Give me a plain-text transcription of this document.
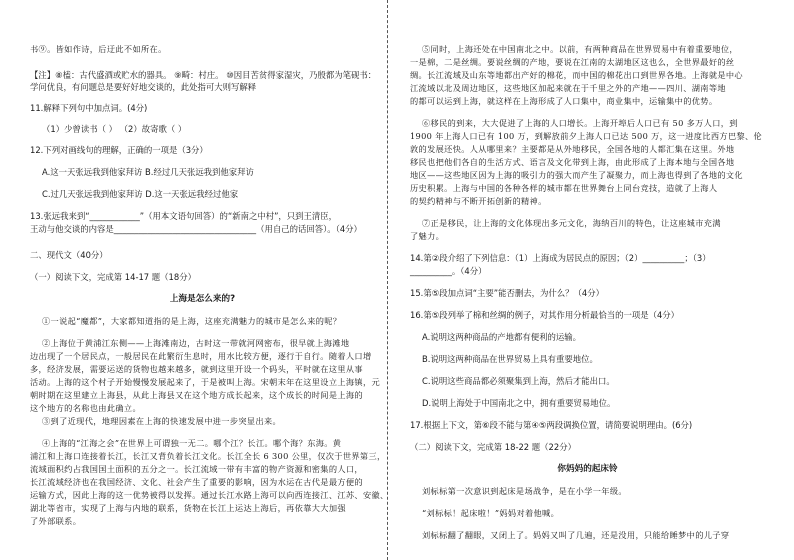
书⑨。皆如作诗，后迂此不如所在。
【注】⑧榼：古代盛酒或贮水的器具。 ⑨畸：村庄。 ⑩因目苦贫得家湿灾，乃殷都为笔砚书：
学问优良，有问题总是要好好地交谈的，此处指可大则写解释
11.解释下列句中加点词。(4分)
（1）少曾读书（ ） （2）故寄歌（ ）
12.下列对画线句的理解，正确的一项是（3分）
A.这一天张远我到他家拜访 B.经过几天张远我到他家拜访
C.过几天张远我到他家拜访 D.这一天张远我经过他家
13.张远我来到“____________”（用本文语句回答）的“新南之中村”，只到王清臣，
王动与他交谈的内容是__________________________________（用自己的话回答）。（4分）
二、现代文（40分）
（一）阅读下文，完成第 14-17 题（18分）
上海是怎么来的?
①一说起“魔都”，大家都知道指的是上海，这座充满魅力的城市是怎么来的呢？
②上海位于黄浦江东侧——上海滩南边，古时这一带就河网密布，很早就上海滩地
边出现了一个居民点，一般居民在此繁衍生息时，用水比较方便，逐行于自行。随着人口增
多，经济发展，需要运送的货物也越来越多，就到这里开设一个码头，平时就在这里从事
活动。上海的这个村子开始慢慢发展起来了，于是被叫上海。宋朝末年在这里设立上海镇，元
朝时期在这里建立上海县，从此上海县又在这个地方成长起来，这个成长的时间是上海的
这个地方的名称也由此确立。
③到了近现代，地理因素在上海的快速发展中进一步突显出来。
④上海的“江海之会”在世界上可谓独一无二。哪个江？长江。哪个海？东海。黄
浦江和上海口连接着长江，长江又背负着长江文化。长江全长 6 300 公里，仅次于世界第三，
流域面积约占我国国土面积的五分之一。长江流域一带有丰富的物产资源和密集的人口，
长江流域经济也在我国经济、文化、社会产生了重要的影响，因为水运在古代是最方便的
运输方式，因此上海的这一优势被得以发挥。通过长江水路上海可以向西连接江、江苏、安徽、
湖北等省市，实现了上海与内地的联系，货物在长江上运达上海后，再依靠大大加强
了外部联系。
⑤同时，上海还处在中国南北之中。以前，有两种商品在世界贸易中有着重要地位，
一是棉，二是丝绸。要说丝绸的产地，要说在江南的太湖地区这也么，全世界最好的丝
绸。长江流域及山东等地都出产好的棉花，而中国的棉花出口到世界各地。上海就是中心
江流域以北及周边地区，这些地区加起来就在于千里之外的产地——四川、湖南等地
的都可以运到上海，就这样在上海形成了人口集中，商业集中，运输集中的优势。
⑥移民的到来，大大促进了上海的人口增长。上海开埠后人口已有 50 多万人口，到
1900 年上海人口已有 100 万，到解放前夕上海人口已达 500 万，这一进度比西方巴黎、伦
敦的发展还快。人从哪里来？主要都是从外地移民，全国各地的人都汇集在这里。外地
移民也把他们各自的生活方式、语言及文化带到上海，由此形成了上海本地与全国各地
地区——这些地区因为上海的吸引力的强大而产生了凝聚力，而上海也得到了各地的文化
历史积累。上海与中国的各种各样的城市都在世界舞台上同台竞技，造就了上海人
的契约精神与不断开拓创新的精神。
⑦正是移民，让上海的文化体现出多元文化，海纳百川的特色，让这座城市充满
了魅力。
14.第②段介绍了下列信息：（1）上海成为居民点的原因；（2）__________；（3）
__________。（4分）
15.第⑤段加点词“主要”能否删去，为什么？（4分）
16.第⑤段列举了棉和丝绸的例子，对其作用分析最恰当的一项是（4分）
A.说明这两种商品的产地都有便利的运输。
B.说明这两种商品在世界贸易上具有重要地位。
C.说明这些商品都必须聚集到上海，然后才能出口。
D.说明上海处于中国南北之中，拥有重要贸易地位。
17.根据上下文，第⑥段不能与第④⑤两段调换位置，请简要说明理由。(6分)
（二）阅读下文，完成第 18-22 题（22分）
你妈妈的起床铃
刘标标第一次意识到起床是场战争，是在小学一年级。
“刘标标！起床啦！”妈妈对着他喊。
刘标标翻了翻眼，又闭上了。妈妈又叫了几遍，还是没用，只能给睡梦中的儿子穿
